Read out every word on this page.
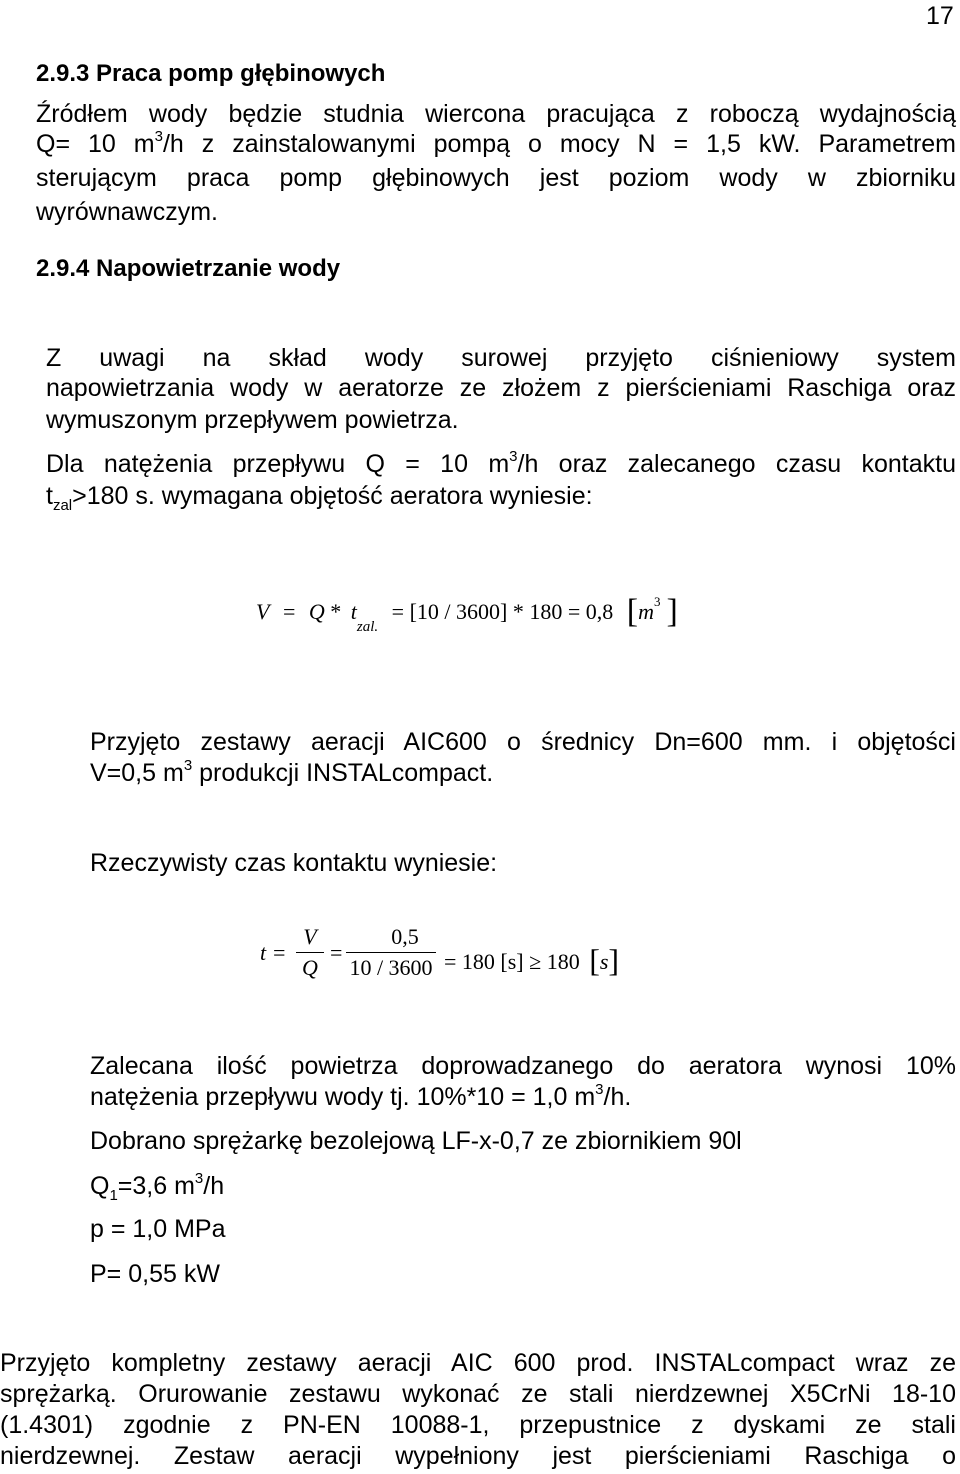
17
2.9.3 Praca pomp głębinowych
Źródłem wody będzie studnia wiercona pracująca z roboczą wydajnością
Q= 10 $m^3/h$ z zainstalowanymi pompą o mocy N = 1,5 kW. Parametrem
sterującym praca pomp głębinowych jest poziom wody w zbiorniku
wyrównawczym.
2.9.4 Napowietrzanie wody
Z uwagi na skład wody surowej przyjęto ciśnieniowy system
napowietrzania wody w aeratorze ze złożem z pierścieniami Raschiga oraz
wymuszonym przepływem powietrza.
Dla natężenia przepływu Q = 10 $m^3/h$ oraz zalecanego czasu kontaktu
$t_{zal}>180$ s. wymagana objętość aeratora wyniesie:
$V = Q * t_{zal.} = [10 / 3600] * 180 = 0,8$ [$m^3$ ]
Przyjęto zestawy aeracji AIC600 o średnicy Dn=600 mm. i objętości
V=0,5 $m^3$ produkcji INSTALcompact.
Rzeczywisty czas kontaktu wyniesie:
t =
V
Q
=
0,5
10 / 3600 = 180 [s] ≥ 180 [s]
Zalecana ilość powietrza doprowadzanego do aeratora wynosi 10%
natężenia przepływu wody tj. 10%*10 = 1,0 $m^3/h$.
Dobrano sprężarkę bezolejową LF-x-0,7 ze zbiornikiem 90l
$Q_1=3,6$ $m^3/h$
p = 1,0 MPa
P= 0,55 kW
Przyjęto kompletny zestawy aeracji AIC 600 prod. INSTALcompact wraz ze
sprężarką. Orurowanie zestawu wykonać ze stali nierdzewnej X5CrNi 18-10
(1.4301) zgodnie z PN-EN 10088-1, przepustnice z dyskami ze stali
nierdzewnej. Zestaw aeracji wypełniony jest pierścieniami Raschiga o
